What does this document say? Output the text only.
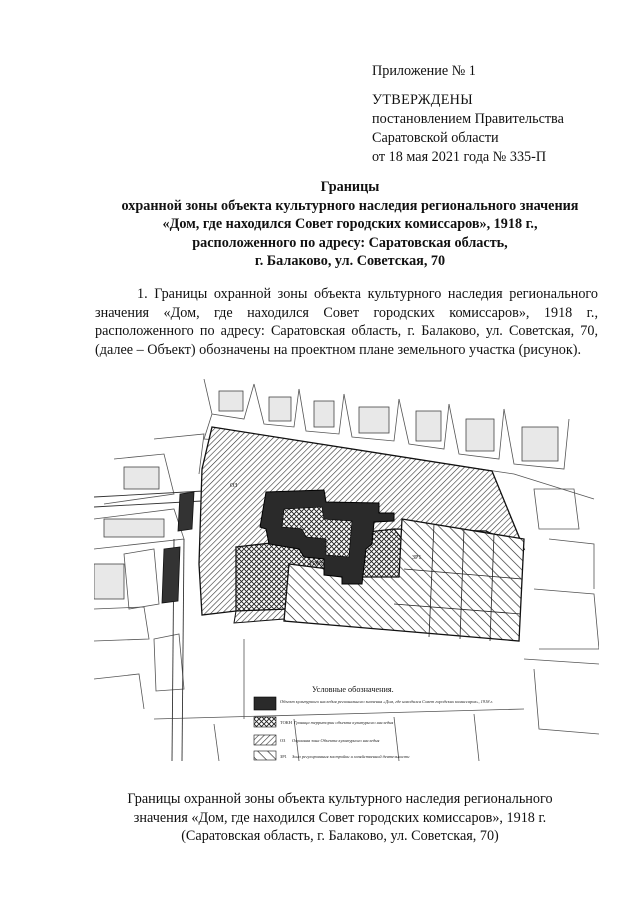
Приложение № 1
УТВЕРЖДЕНЫ
постановлением Правительства
Саратовской области
от 18 мая 2021 года № 335-П
Границы
охранной зоны объекта культурного наследия регионального значения
«Дом, где находился Совет городских комиссаров», 1918 г.,
расположенного по адресу: Саратовская область,
г. Балаково, ул. Советская, 70
1. Границы охранной зоны объекта культурного наследия регионального значения «Дом, где находился Совет городских комиссаров», 1918 г., расположенного по адресу: Саратовская область, г. Балаково, ул. Советская, 70, (далее – Объект) обозначены на проектном плане земельного участка (рисунок).
ТОКН
ОЗ
ЗР1
Условные обозначения.
Объект культурного наследия регионального значения «Дом, где находился Совет городских комиссаров», 1918 г.
ТОКН Граница территории объекта культурного наследия
ОЗ Охранная зона Объекта культурного наследия
ЗР1 Зона регулирования застройки и хозяйственной деятельности
Границы охранной зоны объекта культурного наследия регионального
значения «Дом, где находился Совет городских комиссаров», 1918 г.
(Саратовская область, г. Балаково, ул. Советская, 70)
